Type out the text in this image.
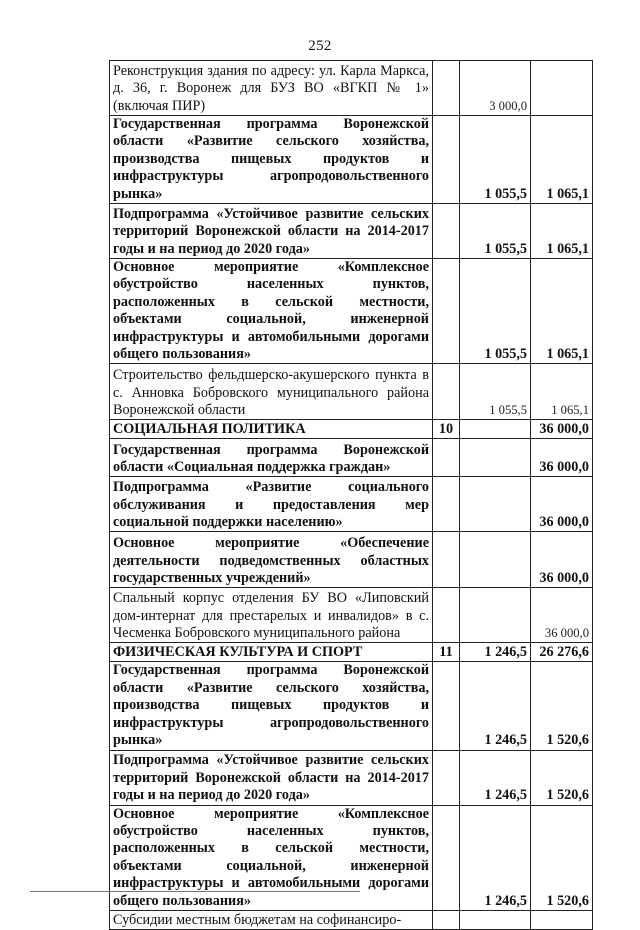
252
Реконструкция здания по адресу: ул. Карла Маркса, д. 36, г. Воронеж для БУЗ ВО «ВГКП № 1» (включая ПИР)		3 000,0	
Государственная программа Воронежской области «Развитие сельского хозяйства, производства пищевых продуктов и инфраструктуры агропродовольственного рынка»		1 055,5	1 065,1
Подпрограмма «Устойчивое развитие сельских территорий Воронежской области на 2014-2017 годы и на период до 2020 года»		1 055,5	1 065,1
Основное мероприятие «Комплексное обустройство населенных пунктов, расположенных в сельской местности, объектами социальной, инженерной инфраструктуры и автомобильными дорогами общего пользования»		1 055,5	1 065,1
Строительство фельдшерско-акушерского пункта в с. Анновка Бобровского муниципального района Воронежской области		1 055,5	1 065,1
СОЦИАЛЬНАЯ ПОЛИТИКА	10		36 000,0
Государственная программа Воронежской области «Социальная поддержка граждан»			36 000,0
Подпрограмма «Развитие социального обслуживания и предоставления мер социальной поддержки населению»			36 000,0
Основное мероприятие «Обеспечение деятельности подведомственных областных государственных учреждений»			36 000,0
Спальный корпус отделения БУ ВО «Липовский дом-интернат для престарелых и инвалидов» в с. Чесменка Бобровского муниципального района			36 000,0
ФИЗИЧЕСКАЯ КУЛЬТУРА И СПОРТ	11	1 246,5	26 276,6
Государственная программа Воронежской области «Развитие сельского хозяйства, производства пищевых продуктов и инфраструктуры агропродовольственного рынка»		1 246,5	1 520,6
Подпрограмма «Устойчивое развитие сельских территорий Воронежской области на 2014-2017 годы и на период до 2020 года»		1 246,5	1 520,6
Основное мероприятие «Комплексное обустройство населенных пунктов, расположенных в сельской местности, объектами социальной, инженерной инфраструктуры и автомобильными дорогами общего пользования»		1 246,5	1 520,6
Субсидии местным бюджетам на софинансиро-			
